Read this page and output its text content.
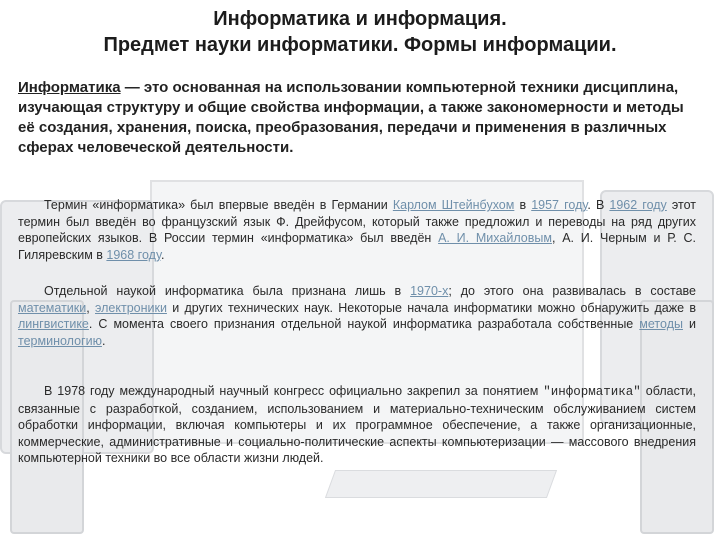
Информатика и информация.
Предмет науки информатики. Формы информации.
Информатика — это основанная на использовании компьютерной техники дисциплина, изучающая структуру и общие свойства информации, а также закономерности и методы её создания, хранения, поиска, преобразования, передачи и применения в различных сферах человеческой деятельности.
Термин «информатика» был впервые введён в Германии Карлом Штейнбухом в 1957 году. В 1962 году этот термин был введён во французский язык Ф. Дрейфусом, который также предложил и переводы на ряд других европейских языков. В России термин «информатика» был введён А. И. Михайловым, А. И. Черным и Р. С. Гиляревским в 1968 году.
Отдельной наукой информатика была признана лишь в 1970-х; до этого она развивалась в составе математики, электроники и других технических наук. Некоторые начала информатики можно обнаружить даже в лингвистике. С момента своего признания отдельной наукой информатика разработала собственные методы и терминологию.
В 1978 году международный научный конгресс официально закрепил за понятием "информатика" области, связанные с разработкой, созданием, использованием и материально-техническим обслуживанием систем обработки информации, включая компьютеры и их программное обеспечение, а также организационные, коммерческие, административные и социально-политические аспекты компьютеризации — массового внедрения компьютерной техники во все области жизни людей.
